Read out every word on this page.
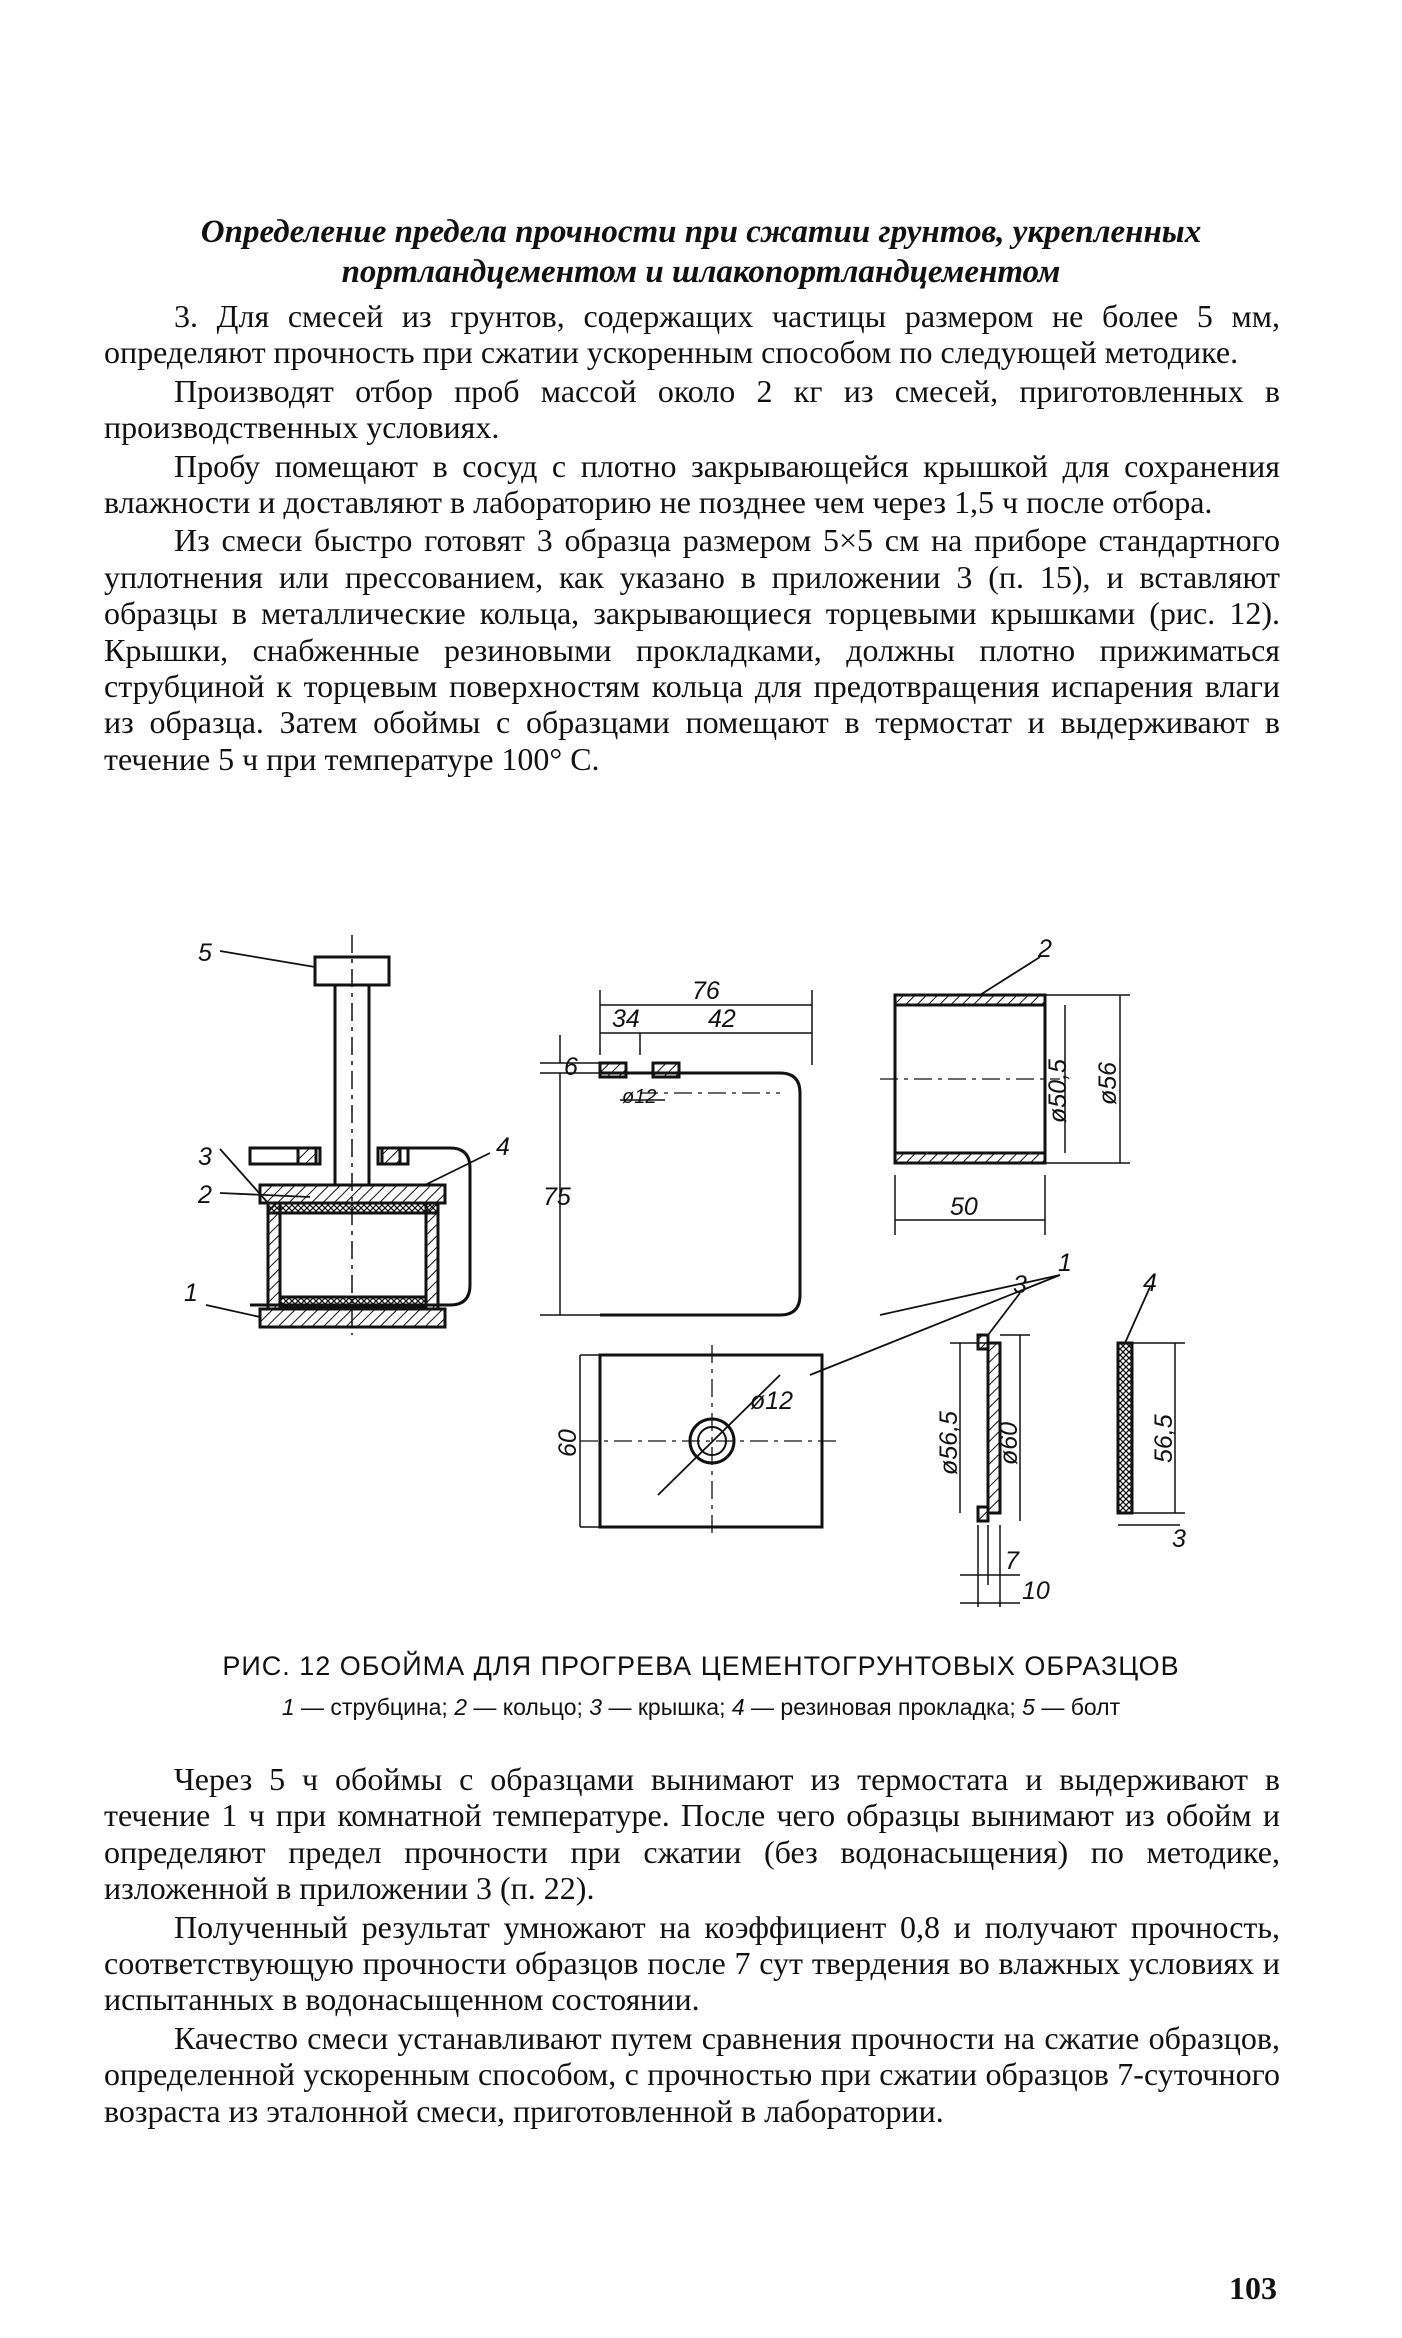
Определение предела прочности при сжатии грунтов, укрепленных
портландцементом и шлакопортландцементом

3. Для смесей из грунтов, содержащих частицы размером не более 5 мм, определяют прочность при сжатии ускоренным способом по следующей методике.

Производят отбор проб массой около 2 кг из смесей, приготовленных в производственных условиях.

Пробу помещают в сосуд с плотно закрывающейся крышкой для сохранения влажности и доставляют в лабораторию не позднее чем через 1,5 ч после отбора.

Из смеси быстро готовят 3 образца размером 5×5 см на приборе стандартного уплотнения или прессованием, как указано в приложении 3 (п. 15), и вставляют образцы в металлические кольца, закрывающиеся торцевыми крышками (рис. 12). Крышки, снабженные резиновыми прокладками, должны плотно прижиматься струбциной к торцевым поверхностям кольца для предотвращения испарения влаги из образца. Затем обоймы с образцами помещают в термостат и выдерживают в течение 5 ч при температуре 100° С.

5
3
2
1
4
1
2
3	4
76
34	42
6
ø12
75
ø50,5 ø56
50
ø12
60	ø56,5 ø60
7
10
56,5
3
РИС. 12 ОБОЙМА ДЛЯ ПРОГРЕВА ЦЕМЕНТОГРУНТОВЫХ ОБРАЗЦОВ
1 — струбцина; 2 — кольцо; 3 — крышка; 4 — резиновая прокладка; 5 — болт

Через 5 ч обоймы с образцами вынимают из термостата и выдерживают в течение 1 ч при комнатной температуре. После чего образцы вынимают из обойм и определяют предел прочности при сжатии (без водонасыщения) по методике, изложенной в приложении 3 (п. 22).

Полученный результат умножают на коэффициент 0,8 и получают прочность, соответствующую прочности образцов после 7 сут твердения во влажных условиях и испытанных в водонасыщенном состоянии.

Качество смеси устанавливают путем сравнения прочности на сжатие образцов, определенной ускоренным способом, с прочностью при сжатии образцов 7-суточного возраста из эталонной смеси, приготовленной в лаборатории.

103
